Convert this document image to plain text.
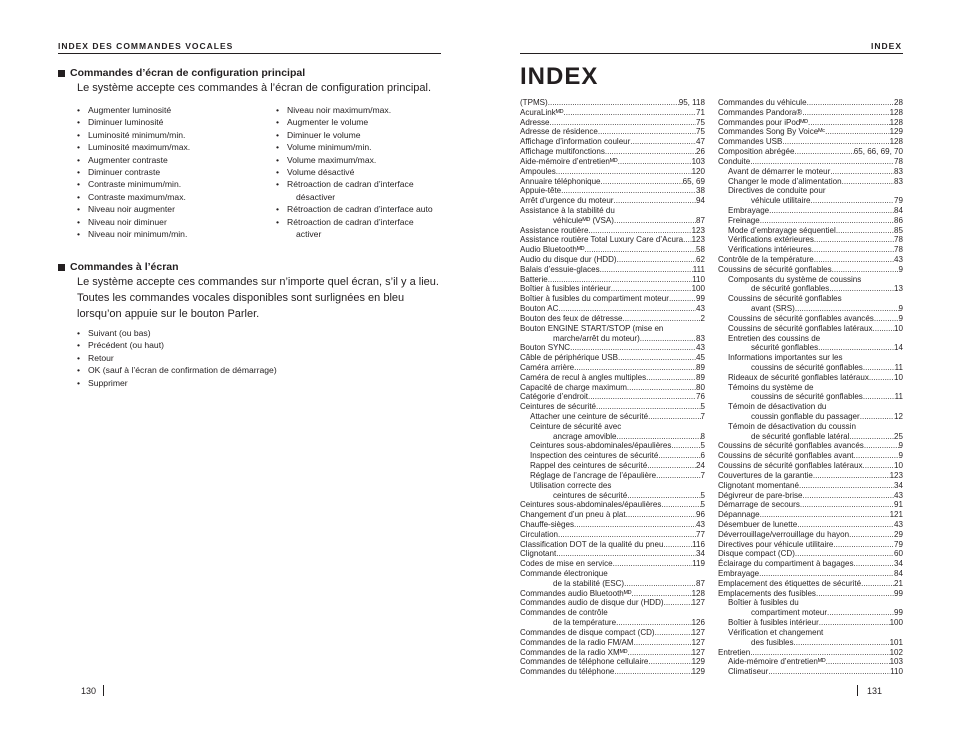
INDEX DES COMMANDES VOCALES	INDEX
Commandes d’écran de configuration principal
Le système accepte ces commandes à l’écran de configuration principal.
• Augmenter luminosité
• Diminuer luminosité
• Luminosité minimum/min.
• Luminosité maximum/max.
• Augmenter contraste
• Diminuer contraste
• Contraste minimum/min.
• Contraste maximum/max.
• Niveau noir augmenter
• Niveau noir diminuer
• Niveau noir minimum/min.
• Niveau noir maximum/max.
• Augmenter le volume
• Diminuer le volume
• Volume minimum/min.
• Volume maximum/max.
• Volume désactivé
• Rétroaction de cadran d’interface
désactiver
• Rétroaction de cadran d’interface auto
• Rétroaction de cadran d’interface
activer
Commandes à l’écran
Le système accepte ces commandes sur n’importe quel écran, s’il y a lieu. Toutes les commandes vocales disponibles sont surlignées en bleu lorsqu’on appuie sur le bouton Parler.
• Suivant (ou bas)
• Précédent (ou haut)
• Retour
• OK (sauf à l’écran de confirmation de démarrage)
• Supprimer
INDEX
(TPMS) .....	95, 118
AcuraLinkᴹᴰ .....	71
Adresse .....	75
Adresse de résidence .....	75
Affichage d’information couleur .....	47
Affichage multifonctions .....	26
Aide-mémoire d’entretienᴹᴰ .....	103
Ampoules .....	120
Annuaire téléphonique .....	65, 69
Appuie-tête .....	38
Arrêt d’urgence du moteur .....	94
Assistance à la stabilité du
véhiculeᴹᴰ (VSA) .....	87
Assistance routière .....	123
Assistance routière Total Luxury Care d’Acura ..... 123
Audio Bluetoothᴹᴰ .....	58
Audio du disque dur (HDD) .....	62
Balais d’essuie-glaces .....	111
Batterie .....	110
Boîtier à fusibles intérieur .....	100
Boîtier à fusibles du compartiment moteur .....	99
Bouton AC .....	43
Bouton des feux de détresse .....	2
Bouton ENGINE START/STOP (mise en
marche/arrêt du moteur) .....	83
Bouton SYNC .....	43
Câble de périphérique USB .....	45
Caméra arrière .....	89
Caméra de recul à angles multiples .....	89
Capacité de charge maximum .....	80
Catégorie d’endroit .....	76
Ceintures de sécurité .....	5
Attacher une ceinture de sécurité .....	7
Ceinture de sécurité avec
ancrage amovible .....	8
Ceintures sous-abdominales/épaulières .....	5
Inspection des ceintures de sécurité .....	6
Rappel des ceintures de sécurité .....	24
Réglage de l’ancrage de l’épaulière .....	7
Utilisation correcte des
ceintures de sécurité .....	5
Ceintures sous-abdominales/épaulières .....	5
Changement d’un pneu à plat .....	96
Chauffe-sièges .....	43
Circulation .....	77
Classification DOT de la qualité du pneu .....	116
Clignotant .....	34
Codes de mise en service .....	119
Commande électronique
de la stabilité (ESC) .....	87
Commandes audio Bluetoothᴹᴰ .....	128
Commandes audio de disque dur (HDD) .....	127
Commandes de contrôle
de la température .....	126
Commandes de disque compact (CD) .....	127
Commandes de la radio FM/AM .....	127
Commandes de la radio XMᴹᴰ .....	127
Commandes de téléphone cellulaire .....	129
Commandes du téléphone .....	129
Commandes du véhicule .....	28
Commandes Pandora® .....	128
Commandes pour iPodᴹᴰ .....	128
Commandes Song By Voiceᴹᶜ .....	129
Commandes USB .....	128
Composition abrégée .....	65, 66, 69, 70
Conduite .....	78
Avant de démarrer le moteur .....	83
Changer le mode d’alimentation .....	83
Directives de conduite pour
véhicule utilitaire .....	79
Embrayage .....	84
Freinage .....	86
Mode d’embrayage séquentiel .....	85
Vérifications extérieures .....	78
Vérifications intérieures .....	78
Contrôle de la température .....	43
Coussins de sécurité gonflables .....	9
Composants du système de coussins
de sécurité gonflables .....	13
Coussins de sécurité gonflables
avant (SRS) .....	9
Coussins de sécurité gonflables avancés .....	9
Coussins de sécurité gonflables latéraux .....	10
Entretien des coussins de
sécurité gonflables .....	14
Informations importantes sur les
coussins de sécurité gonflables .....	11
Rideaux de sécurité gonflables latéraux .....	10
Témoins du système de
coussins de sécurité gonflables .....	11
Témoin de désactivation du
coussin gonflable du passager .....	12
Témoin de désactivation du coussin
de sécurité gonflable latéral .....	25
Coussins de sécurité gonflables avancés .....	9
Coussins de sécurité gonflables avant .....	9
Coussins de sécurité gonflables latéraux .....	10
Couvertures de la garantie .....	123
Clignotant momentané .....	34
Dégivreur de pare-brise .....	43
Démarrage de secours .....	91
Dépannage .....	121
Désembuer de lunette .....	43
Déverrouillage/verrouillage du hayon .....	29
Directives pour véhicule utilitaire .....	79
Disque compact (CD) .....	60
Éclairage du compartiment à bagages .....	34
Embrayage .....	84
Emplacement des étiquettes de sécurité .....	21
Emplacements des fusibles .....	99
Boîtier à fusibles du
compartiment moteur .....	99
Boîtier à fusibles intérieur .....	100
Vérification et changement
des fusibles .....	101
Entretien .....	102
Aide-mémoire d’entretienᴹᴰ .....	103
Climatiseur .....	110
130	131
